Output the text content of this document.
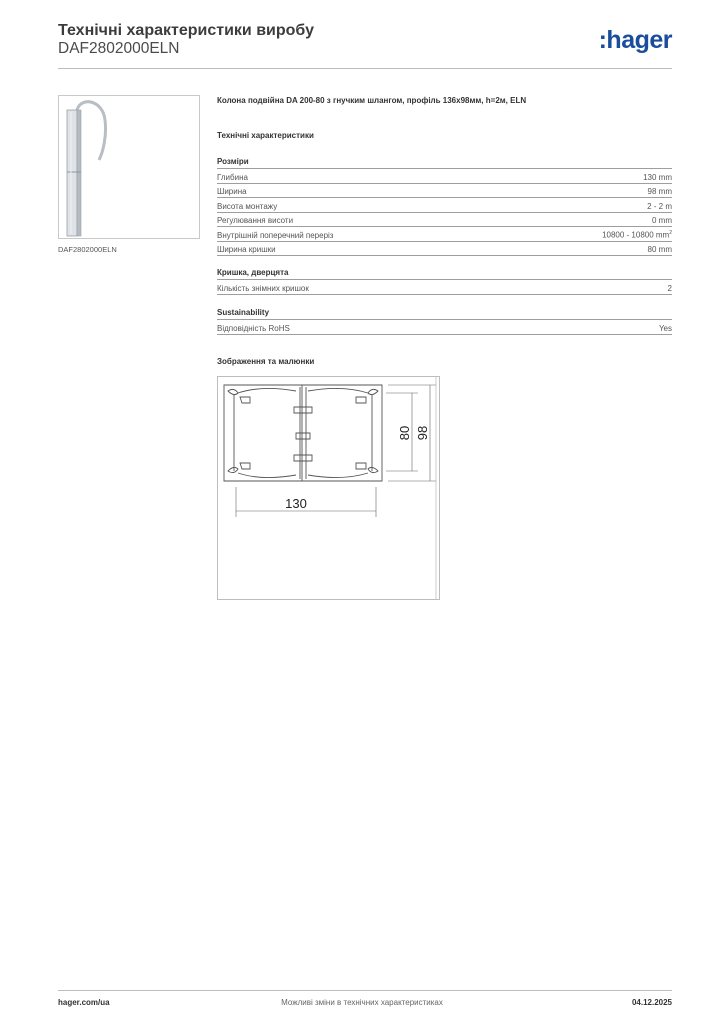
Технічні характеристики виробу
DAF2802000ELN	:hager
DAF2802000ELN
Колона подвійна DA 200-80 з гнучким шлангом, профіль 136х98мм, h=2м, ELN
Технічні характеристики
Розміри
Глибина	130 mm
Ширина	98 mm
Висота монтажу	2 - 2 m
Регулювання висоти	0 mm
Внутрішній поперечний переріз	10800 - 10800 $mm^2$
Ширина кришки	80 mm
Кришка, дверцята
Кількість знімних кришок	2
Sustainability
Відповідність RoHS	Yes
Зображення та малюнки
130
80 98
hager.com/ua	Можливі зміни в технічних характеристиках	04.12.2025
